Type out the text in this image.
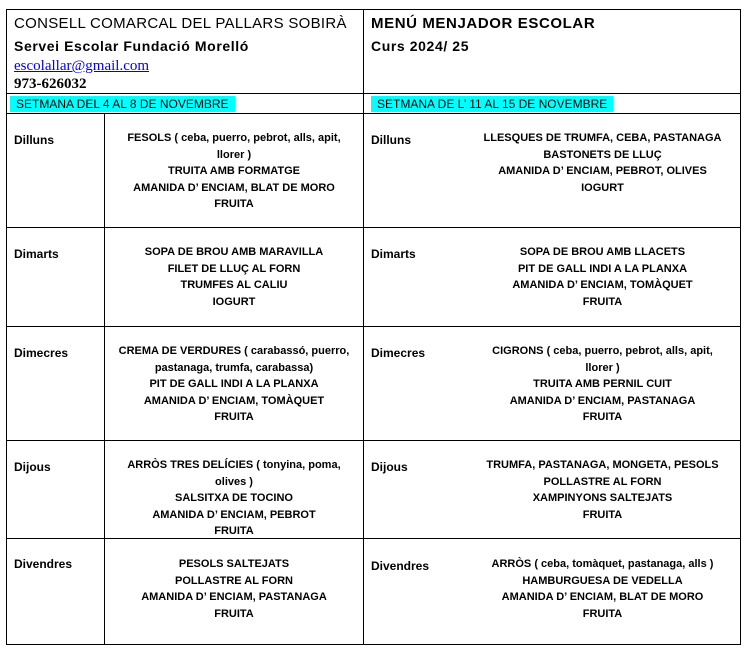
CONSELL COMARCAL DEL PALLARS SOBIRÀ
Servei Escolar Fundació Morelló
escolallar@gmail.com
973-626032
MENÚ MENJADOR ESCOLAR
Curs 2024/ 25
SETMANA DEL 4 AL 8 DE NOVEMBRE	SETMANA DE L’ 11 AL 15 DE NOVEMBRE
Dilluns	FESOLS ( ceba, puerro, pebrot, alls, apit,
llorer )
TRUITA AMB FORMATGE
AMANIDA D’ ENCIAM, BLAT DE MORO
FRUITA
Dimarts	SOPA DE BROU AMB MARAVILLA
FILET DE LLUÇ AL FORN
TRUMFES AL CALIU
IOGURT
Dimecres	CREMA DE VERDURES ( carabassó, puerro,
pastanaga, trumfa, carabassa)
PIT DE GALL INDI A LA PLANXA
AMANIDA D’ ENCIAM, TOMÀQUET
FRUITA
Dijous	ARRÒS TRES DELÍCIES ( tonyina, poma,
olives )
SALSITXA DE TOCINO
AMANIDA D’ ENCIAM, PEBROT
FRUITA
Divendres	PESOLS SALTEJATS
POLLASTRE AL FORN
AMANIDA D’ ENCIAM, PASTANAGA
FRUITA
Dilluns	LLESQUES DE TRUMFA, CEBA, PASTANAGA
BASTONETS DE LLUÇ
AMANIDA D’ ENCIAM, PEBROT, OLIVES
IOGURT
Dimarts	SOPA DE BROU AMB LLACETS
PIT DE GALL INDI A LA PLANXA
AMANIDA D’ ENCIAM, TOMÀQUET
FRUITA
Dimecres	CIGRONS ( ceba, puerro, pebrot, alls, apit,
llorer )
TRUITA AMB PERNIL CUIT
AMANIDA D’ ENCIAM, PASTANAGA
FRUITA
Dijous	TRUMFA, PASTANAGA, MONGETA, PESOLS
POLLASTRE AL FORN
XAMPINYONS SALTEJATS
FRUITA
Divendres	ARRÒS ( ceba, tomàquet, pastanaga, alls )
HAMBURGUESA DE VEDELLA
AMANIDA D’ ENCIAM, BLAT DE MORO
FRUITA
